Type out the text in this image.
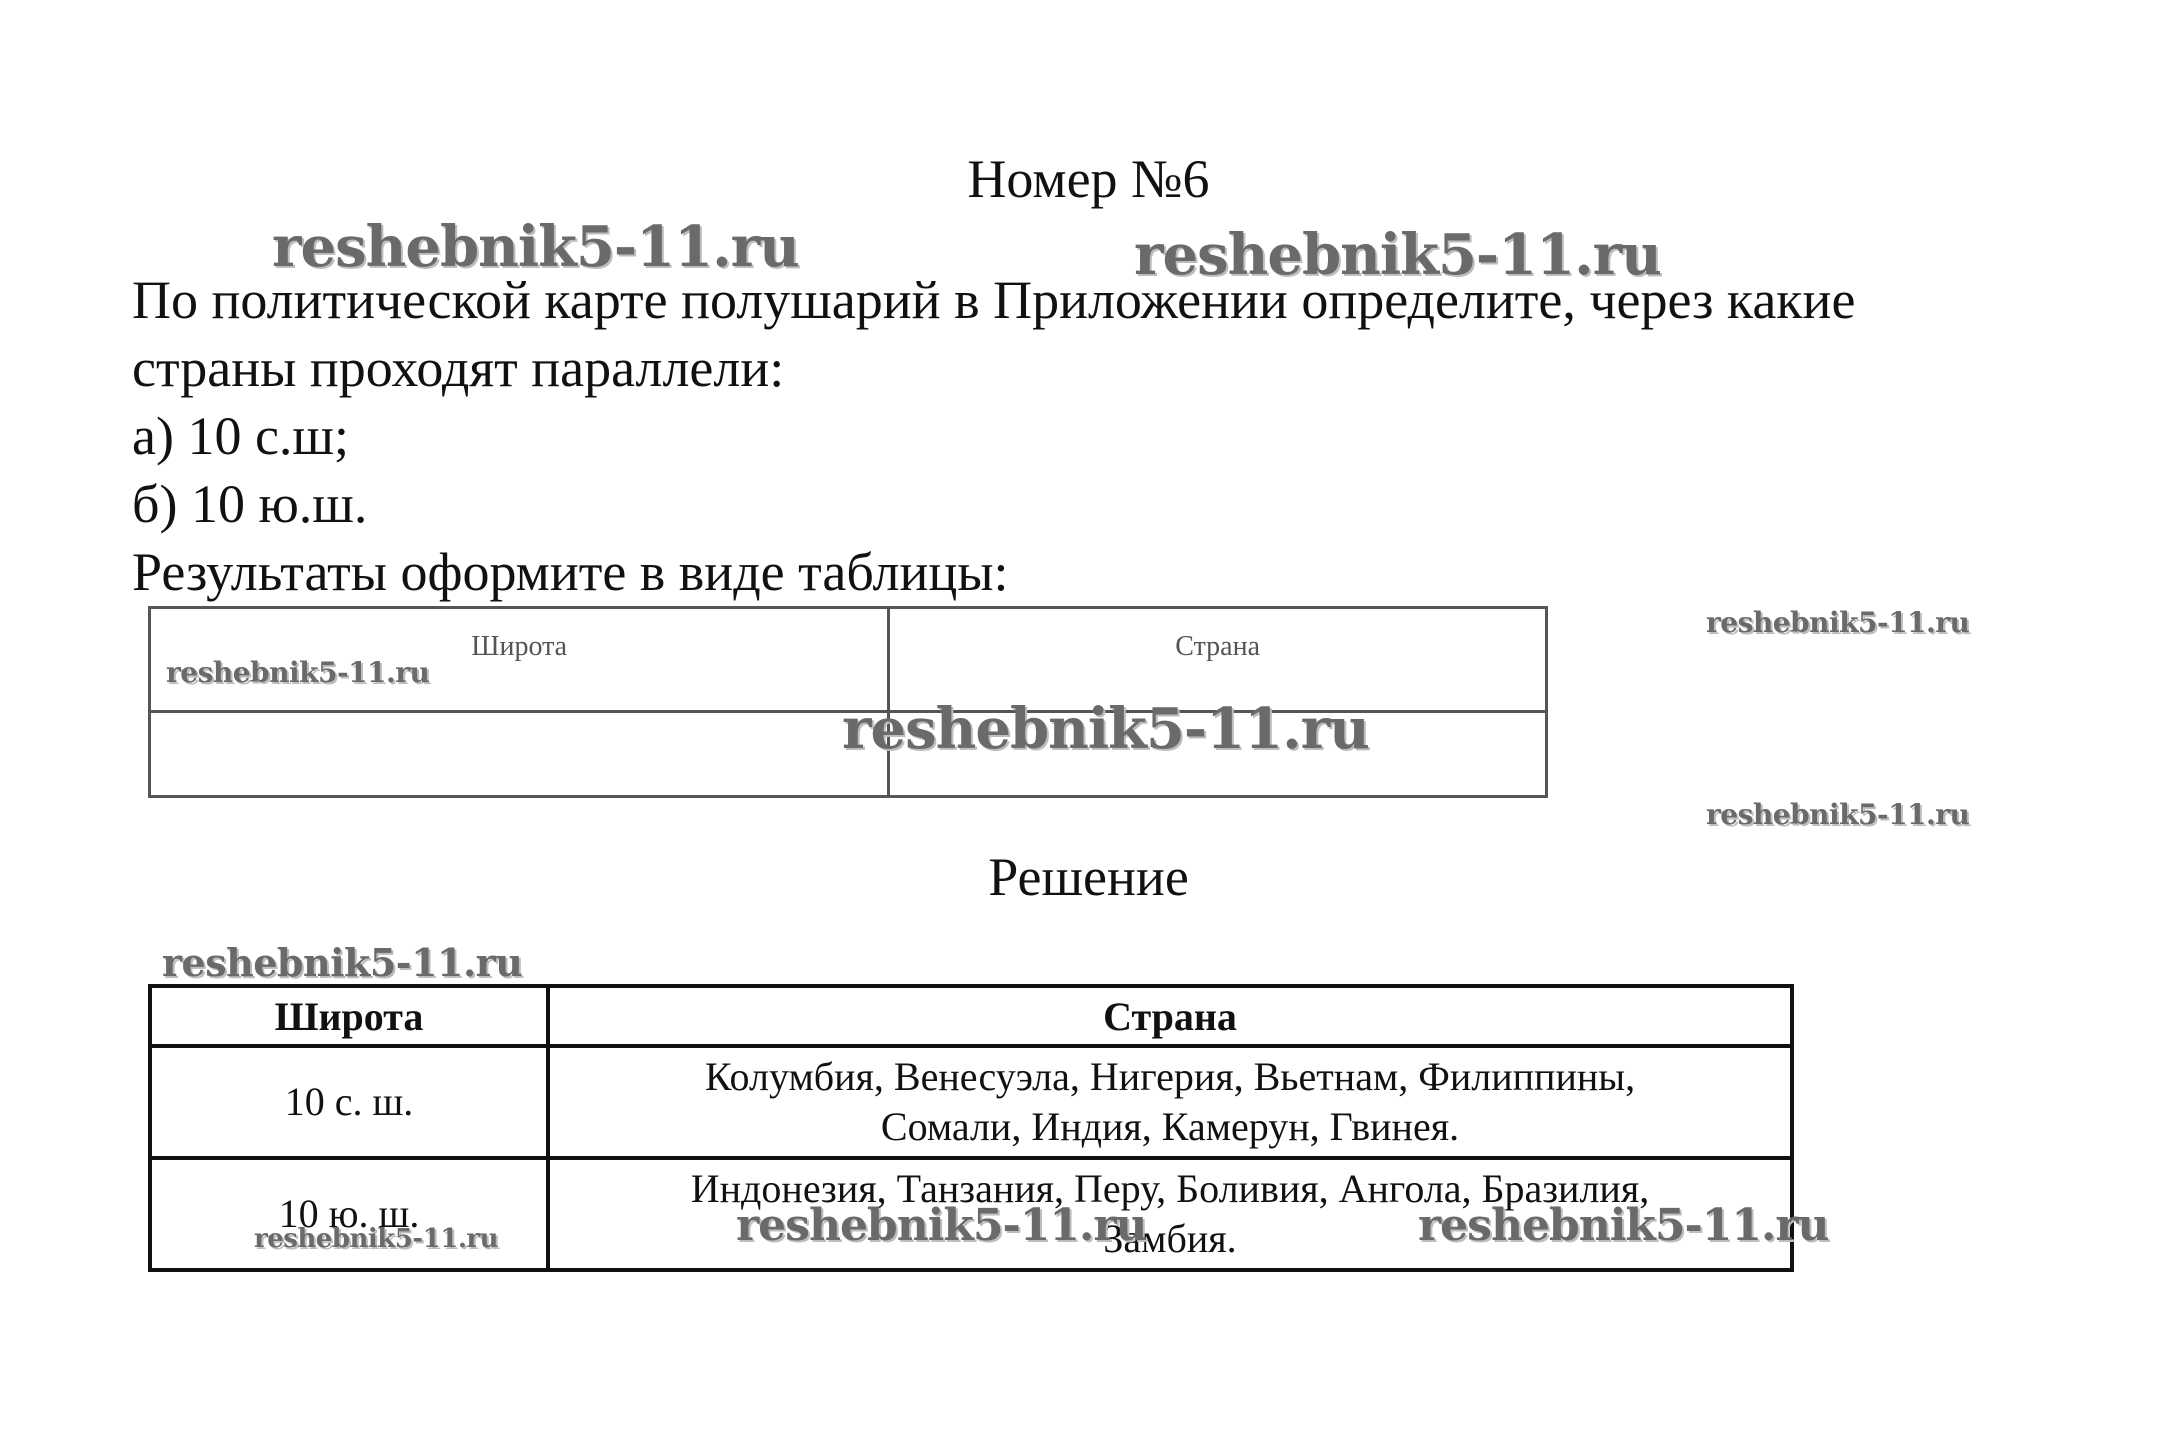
Номер №6
reshebnik5-11.ru	reshebnik5-11.ru
По политической карте полушарий в Приложении определите, через какие
страны проходят параллели:
а) 10 с.ш;
б) 10 ю.ш.
Результаты оформите в виде таблицы:
Широта	Страна

reshebnik5-11.ru
reshebnik5-11.ru
reshebnik5-11.ru
reshebnik5-11.ru
Решение
reshebnik5-11.ru
Широта	Страна
10 с. ш.	Колумбия, Венесуэла, Нигерия, Вьетнам, Филиппины,
Сомали, Индия, Камерун, Гвинея.

10 ю. ш.	Индонезия, Танзания, Перу, Боливия, Ангола, Бразилия,
Замбия.
reshebnik5-11.ru	reshebnik5-11.ru	reshebnik5-11.ru
